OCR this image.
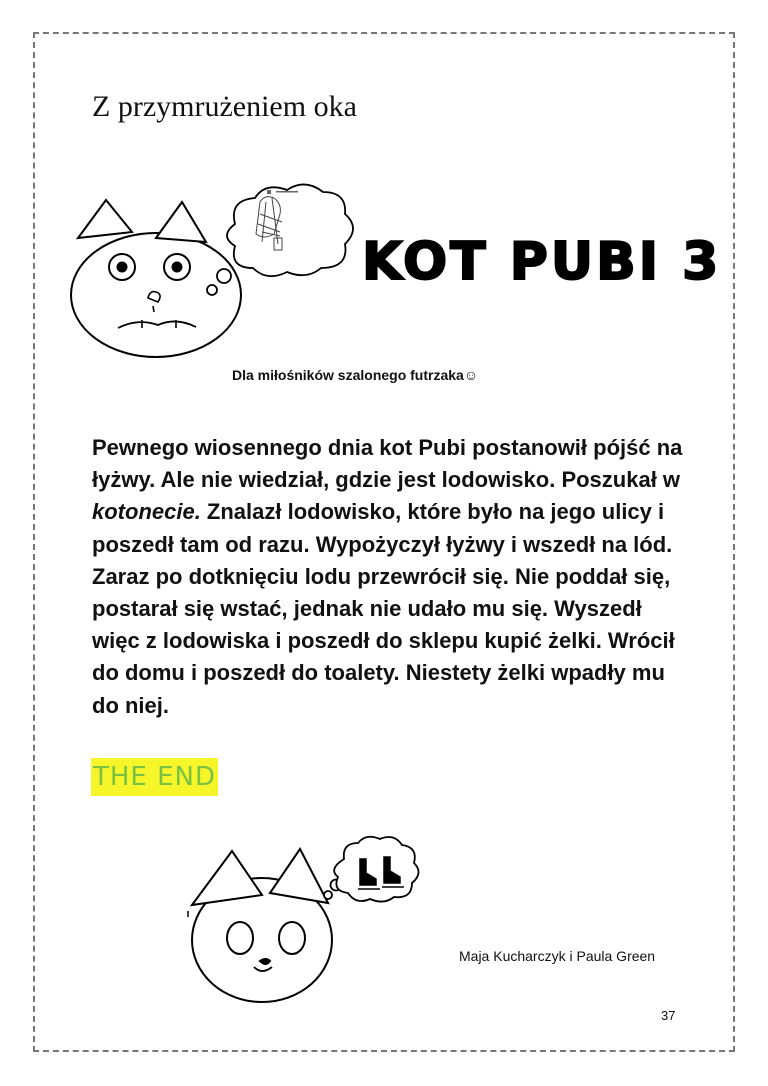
Z przymrużeniem oka
KOT PUBI 3

Dla miłośników szalonego futrzaka☺

Pewnego wiosennego dnia kot Pubi postanowił pójść na łyżwy. Ale nie wiedział, gdzie jest lodowisko. Poszukał w kotonecie. Znalazł lodowisko, które było na jego ulicy i poszedł tam od razu. Wypożyczył łyżwy i wszedł na lód. Zaraz po dotknięciu lodu przewrócił się. Nie poddał się, postarał się wstać, jednak nie udało mu się. Wyszedł więc z lodowiska i poszedł do sklepu kupić żelki. Wrócił do domu i poszedł do toalety. Niestety żelki wpadły mu do niej.

THE END

Maja Kucharczyk i Paula Green

37
